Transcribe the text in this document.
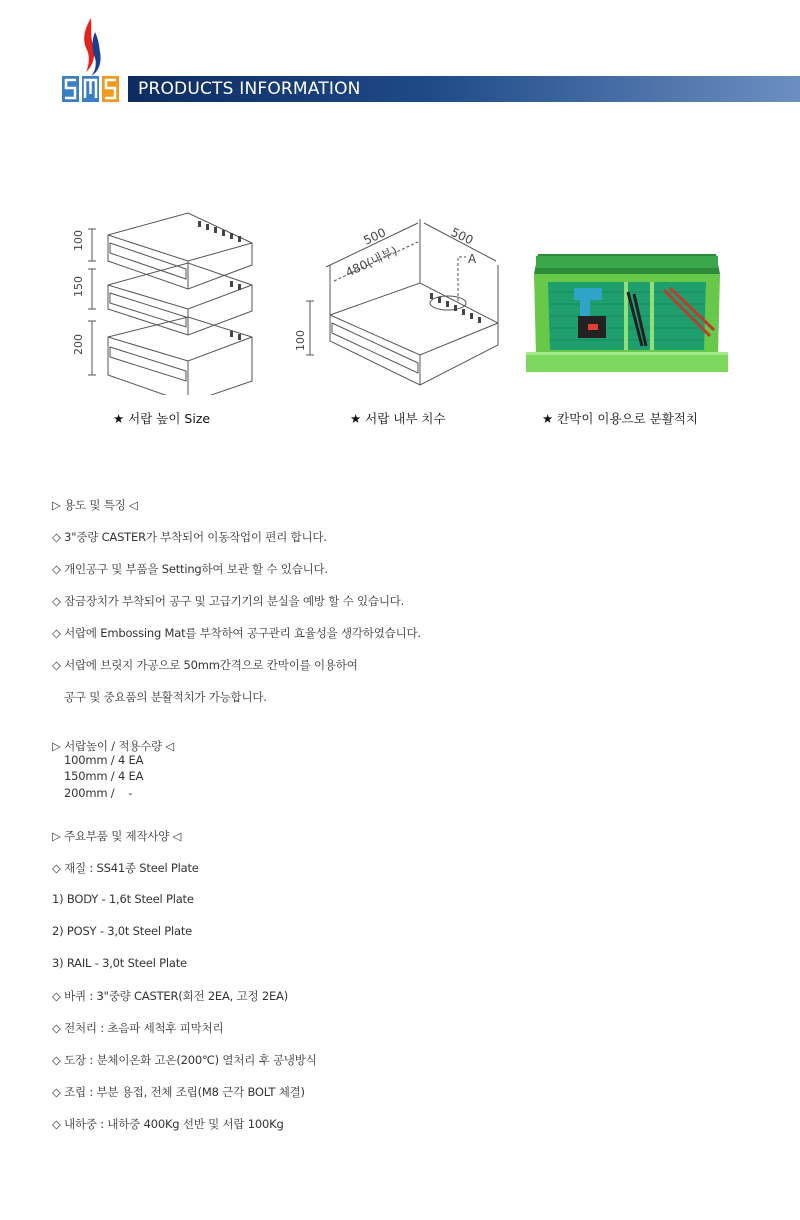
PRODUCTS INFORMATION
100
150
200
★ 서랍 높이 Size
500	500
480(내부)	A
100
★ 서랍 내부 치수	★ 칸막이 이용으로 분활적치
▷ 용도 및 특징 ◁
◇ 3"중량 CASTER가 부착되어 이동작업이 편리 합니다.
◇ 개인공구 및 부품을 Setting하여 보관 할 수 있습니다.
◇ 잠금장치가 부착되어 공구 및 고급기기의 분실을 예방 할 수 있습니다.
◇ 서랍에 Embossing Mat를 부착하여 공구관리 효율성을 생각하였습니다.
◇ 서랍에 브릿지 가공으로 50mm간격으로 칸막이를 이용하여
공구 및 중요품의 분활적치가 가능합니다.
▷ 서랍높이 / 적용수량 ◁
100mm / 4 EA
150mm / 4 EA
200mm /    -
▷ 주요부품 및 제작사양 ◁
◇ 재질 : SS41종 Steel Plate
1) BODY - 1,6t Steel Plate
2) POSY - 3,0t Steel Plate
3) RAIL - 3,0t Steel Plate
◇ 바퀴 : 3"중량 CASTER(회전 2EA, 고정 2EA)
◇ 전처리 : 초음파 세척후 피막처리
◇ 도장 : 분체이온화 고온(200℃) 열처리 후 공냉방식
◇ 조립 : 부분 용접, 전체 조립(M8 근각 BOLT 체결)
◇ 내하중 : 내하중 400Kg 선반 및 서랍 100Kg
